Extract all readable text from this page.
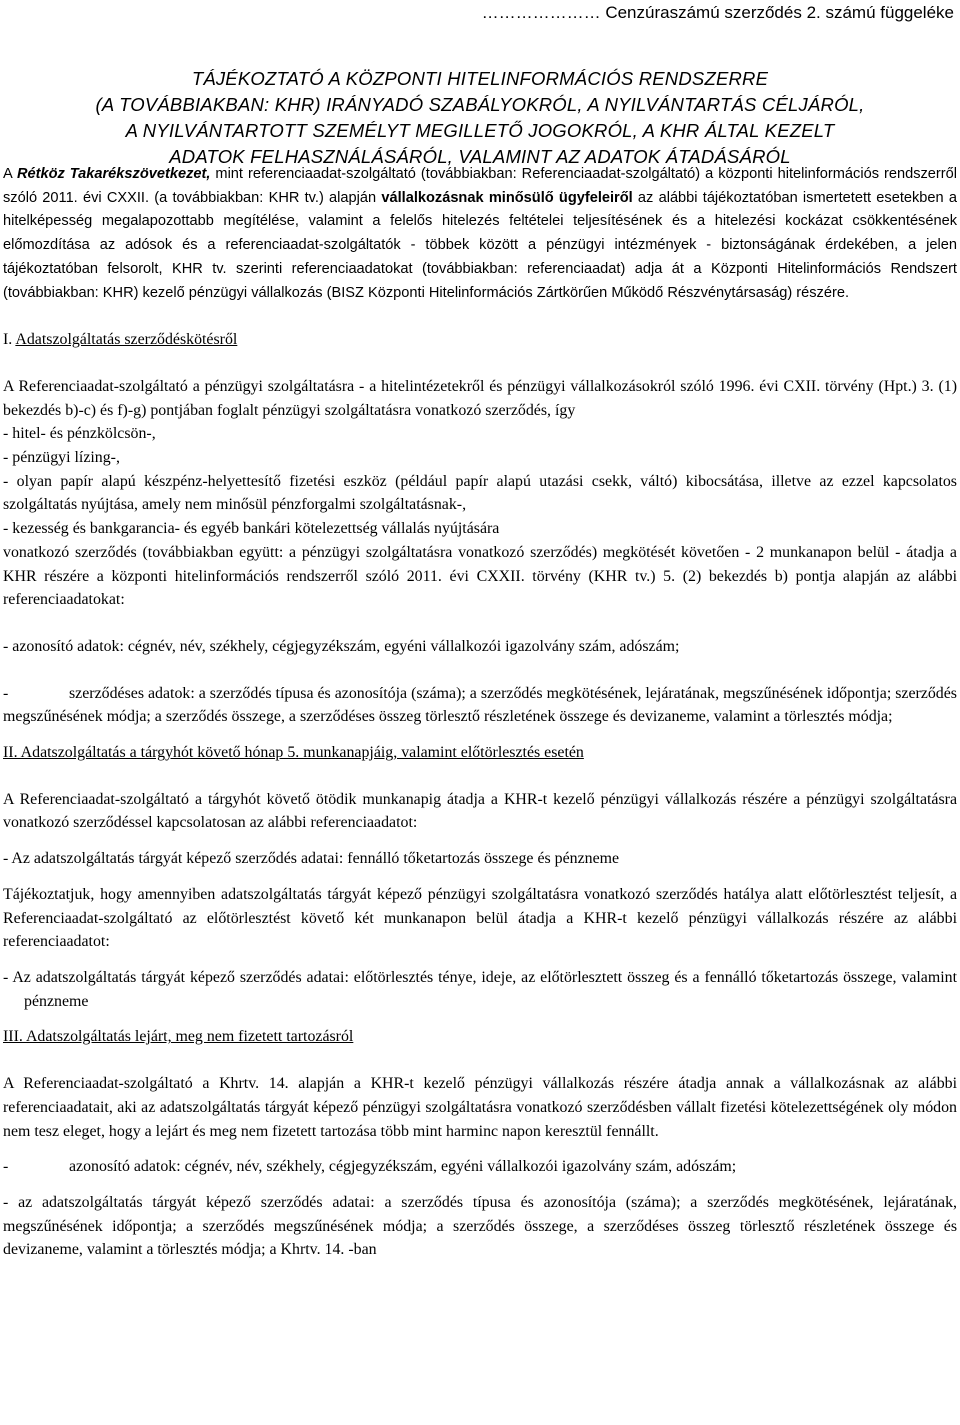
………………… Cenzúraszámú szerződés 2. számú függeléke
TÁJÉKOZTATÓ A KÖZPONTI HITELINFORMÁCIÓS RENDSZERRE
(A TOVÁBBIAKBAN: KHR) IRÁNYADÓ SZABÁLYOKRÓL, A NYILVÁNTARTÁS CÉLJÁRÓL,
A NYILVÁNTARTOTT SZEMÉLYT MEGILLETŐ JOGOKRÓL, A KHR ÁLTAL KEZELT
ADATOK FELHASZNÁLÁSÁRÓL, VALAMINT AZ ADATOK ÁTADÁSÁRÓL

A Rétköz Takarékszövetkezet, mint referenciaadat-szolgáltató (továbbiakban: Referenciaadat-szolgáltató) a központi hitelinformációs rendszerről szóló 2011. évi CXXII. (a továbbiakban: KHR tv.) alapján vállalkozásnak minősülő ügyfeleiről az alábbi tájékoztatóban ismertetett esetekben a hitelképesség megalapozottabb megítélése, valamint a felelős hitelezés feltételei teljesítésének és a hitelezési kockázat csökkentésének előmozdítása az adósok és a referenciaadat-szolgáltatók - többek között a pénzügyi intézmények - biztonságának érdekében, a jelen tájékoztatóban felsorolt, KHR tv. szerinti referenciaadatokat (továbbiakban: referenciaadat) adja át a Központi Hitelinformációs Rendszert (továbbiakban: KHR) kezelő pénzügyi vállalkozás (BISZ Központi Hitelinformációs Zártkörűen Működő Részvénytársaság) részére.

I. Adatszolgáltatás szerződéskötésről

A Referenciaadat-szolgáltató a pénzügyi szolgáltatásra - a hitelintézetekről és pénzügyi vállalkozásokról szóló 1996. évi CXII. törvény (Hpt.) 3. (1) bekezdés b)-c) és f)-g) pontjában foglalt pénzügyi szolgáltatásra vonatkozó szerződés, így

- hitel- és pénzkölcsön-,

- pénzügyi lízing-,

- olyan papír alapú készpénz-helyettesítő fizetési eszköz (például papír alapú utazási csekk, váltó) kibocsátása, illetve az ezzel kapcsolatos szolgáltatás nyújtása, amely nem minősül pénzforgalmi szolgáltatásnak-,

- kezesség és bankgarancia- és egyéb bankári kötelezettség vállalás nyújtására

vonatkozó szerződés (továbbiakban együtt: a pénzügyi szolgáltatásra vonatkozó szerződés) megkötését követően - 2 munkanapon belül - átadja a KHR részére a központi hitelinformációs rendszerről szóló 2011. évi CXXII. törvény (KHR tv.) 5. (2) bekezdés b) pontja alapján az alábbi referenciaadatokat:

- azonosító adatok: cégnév, név, székhely, cégjegyzékszám, egyéni vállalkozói igazolvány szám, adószám;

-	szerződéses adatok: a szerződés típusa és azonosítója (száma); a szerződés megkötésének, lejáratának, megszűnésének időpontja; szerződés megszűnésének módja; a szerződés összege, a szerződéses összeg törlesztő részletének összege és devizaneme, valamint a törlesztés módja;

II. Adatszolgáltatás a tárgyhót követő hónap 5. munkanapjáig, valamint előtörlesztés esetén

A Referenciaadat-szolgáltató a tárgyhót követő ötödik munkanapig átadja a KHR-t kezelő pénzügyi vállalkozás részére a pénzügyi szolgáltatásra vonatkozó szerződéssel kapcsolatosan az alábbi referenciaadatot:

- Az adatszolgáltatás tárgyát képező szerződés adatai: fennálló tőketartozás összege és pénzneme

Tájékoztatjuk, hogy amennyiben adatszolgáltatás tárgyát képező pénzügyi szolgáltatásra vonatkozó szerződés hatálya alatt előtörlesztést teljesít, a Referenciaadat-szolgáltató az előtörlesztést követő két munkanapon belül átadja a KHR-t kezelő pénzügyi vállalkozás részére az alábbi referenciaadatot:

- Az adatszolgáltatás tárgyát képező szerződés adatai: előtörlesztés ténye, ideje, az előtörlesztett összeg és a fennálló tőketartozás összege, valamint pénzneme

III. Adatszolgáltatás lejárt, meg nem fizetett tartozásról

A Referenciaadat-szolgáltató a Khrtv. 14. alapján a KHR-t kezelő pénzügyi vállalkozás részére átadja annak a vállalkozásnak az alábbi referenciaadatait, aki az adatszolgáltatás tárgyát képező pénzügyi szolgáltatásra vonatkozó szerződésben vállalt fizetési kötelezettségének oly módon nem tesz eleget, hogy a lejárt és meg nem fizetett tartozása több mint harminc napon keresztül fennállt.

-	azonosító adatok: cégnév, név, székhely, cégjegyzékszám, egyéni vállalkozói igazolvány szám, adószám;

- az adatszolgáltatás tárgyát képező szerződés adatai: a szerződés típusa és azonosítója (száma); a szerződés megkötésének, lejáratának, megszűnésének időpontja; a szerződés megszűnésének módja; a szerződés összege, a szerződéses összeg törlesztő részletének összege és devizaneme, valamint a törlesztés módja; a Khrtv. 14. -ban
